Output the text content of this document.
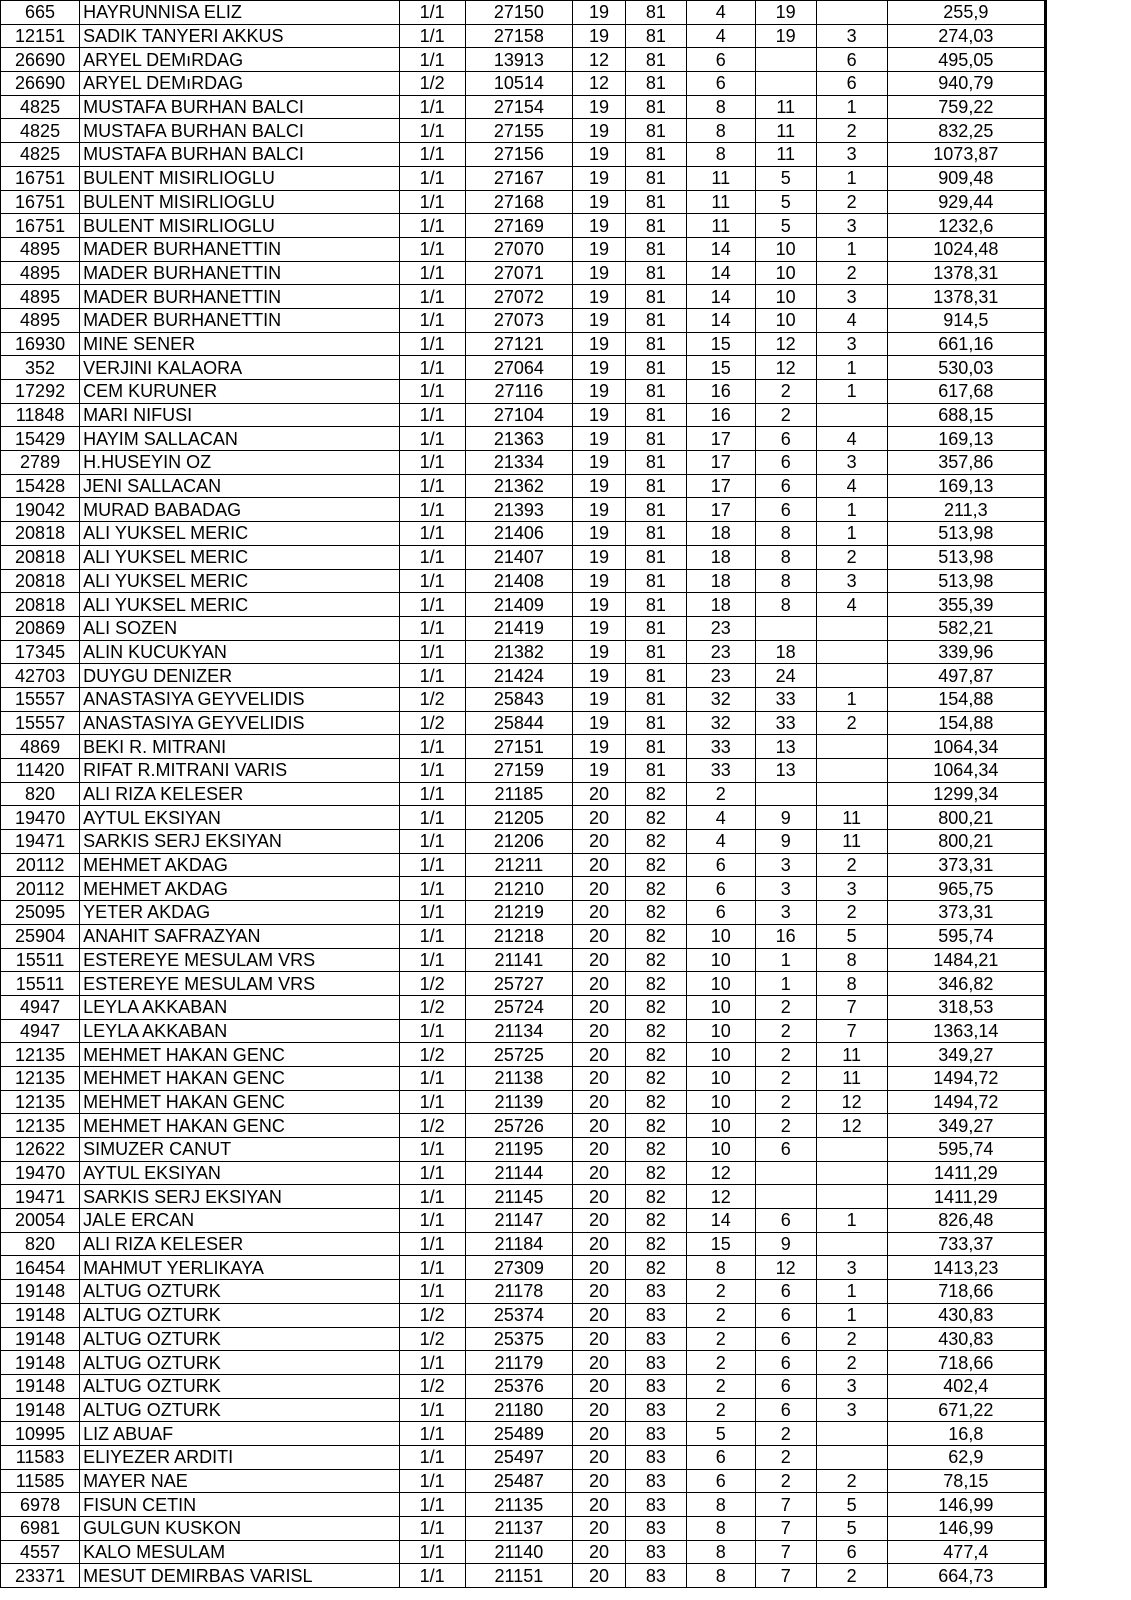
665	HAYRUNNISA ELIZ	1/1	27150	19	81	4	19		255,9
12151	SADIK TANYERI AKKUS	1/1	27158	19	81	4	19	3	274,03
26690	ARYEL DEMıRDAG	1/1	13913	12	81	6		6	495,05
26690	ARYEL DEMıRDAG	1/2	10514	12	81	6		6	940,79
4825	MUSTAFA BURHAN BALCI	1/1	27154	19	81	8	11	1	759,22
4825	MUSTAFA BURHAN BALCI	1/1	27155	19	81	8	11	2	832,25
4825	MUSTAFA BURHAN BALCI	1/1	27156	19	81	8	11	3	1073,87
16751	BULENT MISIRLIOGLU	1/1	27167	19	81	11	5	1	909,48
16751	BULENT MISIRLIOGLU	1/1	27168	19	81	11	5	2	929,44
16751	BULENT MISIRLIOGLU	1/1	27169	19	81	11	5	3	1232,6
4895	MADER BURHANETTIN	1/1	27070	19	81	14	10	1	1024,48
4895	MADER BURHANETTIN	1/1	27071	19	81	14	10	2	1378,31
4895	MADER BURHANETTIN	1/1	27072	19	81	14	10	3	1378,31
4895	MADER BURHANETTIN	1/1	27073	19	81	14	10	4	914,5
16930	MINE SENER	1/1	27121	19	81	15	12	3	661,16
352	VERJINI KALAORA	1/1	27064	19	81	15	12	1	530,03
17292	CEM KURUNER	1/1	27116	19	81	16	2	1	617,68
11848	MARI NIFUSI	1/1	27104	19	81	16	2		688,15
15429	HAYIM SALLACAN	1/1	21363	19	81	17	6	4	169,13
2789	H.HUSEYIN OZ	1/1	21334	19	81	17	6	3	357,86
15428	JENI SALLACAN	1/1	21362	19	81	17	6	4	169,13
19042	MURAD BABADAG	1/1	21393	19	81	17	6	1	211,3
20818	ALI YUKSEL MERIC	1/1	21406	19	81	18	8	1	513,98
20818	ALI YUKSEL MERIC	1/1	21407	19	81	18	8	2	513,98
20818	ALI YUKSEL MERIC	1/1	21408	19	81	18	8	3	513,98
20818	ALI YUKSEL MERIC	1/1	21409	19	81	18	8	4	355,39
20869	ALI SOZEN	1/1	21419	19	81	23			582,21
17345	ALIN KUCUKYAN	1/1	21382	19	81	23	18		339,96
42703	DUYGU DENIZER	1/1	21424	19	81	23	24		497,87
15557	ANASTASIYA GEYVELIDIS	1/2	25843	19	81	32	33	1	154,88
15557	ANASTASIYA GEYVELIDIS	1/2	25844	19	81	32	33	2	154,88
4869	BEKI R. MITRANI	1/1	27151	19	81	33	13		1064,34
11420	RIFAT R.MITRANI VARIS	1/1	27159	19	81	33	13		1064,34
820	ALI RIZA KELESER	1/1	21185	20	82	2			1299,34
19470	AYTUL EKSIYAN	1/1	21205	20	82	4	9	11	800,21
19471	SARKIS SERJ EKSIYAN	1/1	21206	20	82	4	9	11	800,21
20112	MEHMET AKDAG	1/1	21211	20	82	6	3	2	373,31
20112	MEHMET AKDAG	1/1	21210	20	82	6	3	3	965,75
25095	YETER AKDAG	1/1	21219	20	82	6	3	2	373,31
25904	ANAHIT SAFRAZYAN	1/1	21218	20	82	10	16	5	595,74
15511	ESTEREYE MESULAM VRS	1/1	21141	20	82	10	1	8	1484,21
15511	ESTEREYE MESULAM VRS	1/2	25727	20	82	10	1	8	346,82
4947	LEYLA AKKABAN	1/2	25724	20	82	10	2	7	318,53
4947	LEYLA AKKABAN	1/1	21134	20	82	10	2	7	1363,14
12135	MEHMET HAKAN GENC	1/2	25725	20	82	10	2	11	349,27
12135	MEHMET HAKAN GENC	1/1	21138	20	82	10	2	11	1494,72
12135	MEHMET HAKAN GENC	1/1	21139	20	82	10	2	12	1494,72
12135	MEHMET HAKAN GENC	1/2	25726	20	82	10	2	12	349,27
12622	SIMUZER CANUT	1/1	21195	20	82	10	6		595,74
19470	AYTUL EKSIYAN	1/1	21144	20	82	12			1411,29
19471	SARKIS SERJ EKSIYAN	1/1	21145	20	82	12			1411,29
20054	JALE ERCAN	1/1	21147	20	82	14	6	1	826,48
820	ALI RIZA KELESER	1/1	21184	20	82	15	9		733,37
16454	MAHMUT YERLIKAYA	1/1	27309	20	82	8	12	3	1413,23
19148	ALTUG OZTURK	1/1	21178	20	83	2	6	1	718,66
19148	ALTUG OZTURK	1/2	25374	20	83	2	6	1	430,83
19148	ALTUG OZTURK	1/2	25375	20	83	2	6	2	430,83
19148	ALTUG OZTURK	1/1	21179	20	83	2	6	2	718,66
19148	ALTUG OZTURK	1/2	25376	20	83	2	6	3	402,4
19148	ALTUG OZTURK	1/1	21180	20	83	2	6	3	671,22
10995	LIZ ABUAF	1/1	25489	20	83	5	2		16,8
11583	ELIYEZER ARDITI	1/1	25497	20	83	6	2		62,9
11585	MAYER NAE	1/1	25487	20	83	6	2	2	78,15
6978	FISUN CETIN	1/1	21135	20	83	8	7	5	146,99
6981	GULGUN KUSKON	1/1	21137	20	83	8	7	5	146,99
4557	KALO MESULAM	1/1	21140	20	83	8	7	6	477,4
23371	MESUT DEMIRBAS VARISL	1/1	21151	20	83	8	7	2	664,73
